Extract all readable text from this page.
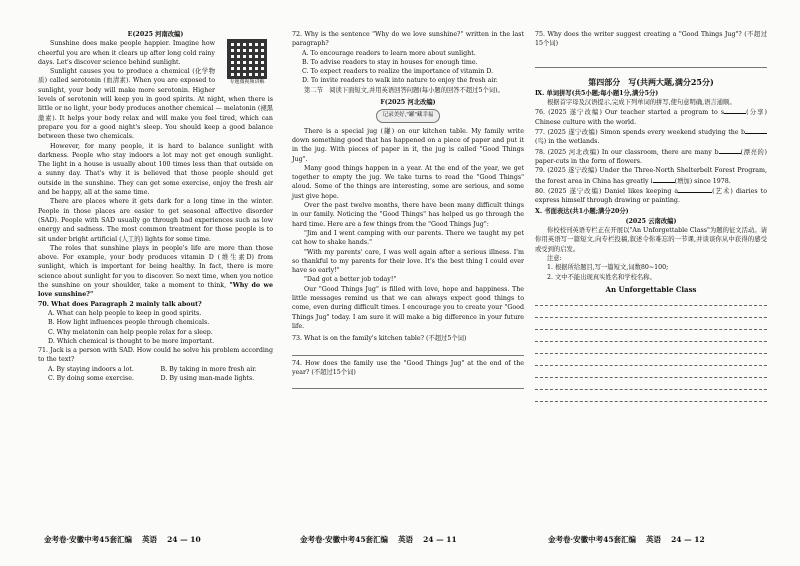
E(2025 河南改编)

专题微视频讲解

Sunshine does make people happier. Imagine how cheerful you are when it clears up after long cold rainy days. Let's discover science behind sunlight.

Sunlight causes you to produce a chemical (化学物质) called serotonin (血清素). When you are exposed to sunlight, your body will make more serotonin. Higher levels of serotonin will keep you in good spirits. At night, when there is little or no light, your body produces another chemical — melatonin (褪黑激素). It helps your body relax and will make you feel tired, which can prepare you for a good night's sleep. You should keep a good balance between these two chemicals.

However, for many people, it is hard to balance sunlight with darkness. People who stay indoors a lot may not get enough sunlight. The light in a house is usually about 100 times less than that outside on a sunny day. That's why it is believed that those people should get outside in the sunshine. They can get some exercise, enjoy the fresh air and be happy, all at the same time.

There are places where it gets dark for a long time in the winter. People in those places are easier to get seasonal affective disorder (SAD). People with SAD usually go through bad experiences such as low energy and sadness. The most common treatment for those people is to sit under bright artificial (人工的) lights for some time.

The roles that sunshine plays in people's life are more than those above. For example, your body produces vitamin D (维生素D) from sunlight, which is important for being healthy. In fact, there is more science about sunlight for you to discover. So next time, when you notice the sunshine on your shoulder, take a moment to think, "Why do we love sunshine?"

70. What does Paragraph 2 mainly talk about?

A. What can help people to keep in good spirits.

B. How light influences people through chemicals.

C. Why melatonin can help people relax for a sleep.

D. Which chemical is thought to be more important.

71. Jack is a person with SAD. How could he solve his problem according to the text?

A. By staying indoors a lot.	B. By taking in more fresh air.
C. By doing some exercise.	D. By using man-made lights.

72. Why is the sentence "Why do we love sunshine?" written in the last paragraph?

A. To encourage readers to learn more about sunlight.

B. To advise readers to stay in houses for enough time.

C. To expect readers to realize the importance of vitamin D.

D. To invite readers to walk into nature to enjoy the fresh air.

第二节　阅读下面短文,并用英语回答问题(每小题的回答不超过5个词)。

F(2025 河北改编)

记录美好,"罐"藏幸福

There is a special jug (罐) on our kitchen table. My family write down something good that has happened on a piece of paper and put it in the jug. With pieces of paper in it, the jug is called "Good Things Jug".

Many good things happen in a year. At the end of the year, we get together to empty the jug. We take turns to read the "Good Things" aloud. Some of the things are interesting, some are serious, and some just give hope.

Over the past twelve months, there have been many difficult things in our family. Noticing the "Good Things" has helped us go through the hard time. Here are a few things from the "Good Things Jug":

"Jim and I went camping with our parents. There we taught my pet cat how to shake hands."

"With my parents' care, I was well again after a serious illness. I'm so thankful to my parents for their love. It's the best thing I could ever have so early!"

"Dad got a better job today!"

Our "Good Things Jug" is filled with love, hope and happiness. The little messages remind us that we can always expect good things to come, even during difficult times. I encourage you to create your "Good Things Jug" today. I am sure it will make a big difference in your future life.

73. What is on the family's kitchen table? (不超过5个词)

74. How does the family use the "Good Things Jug" at the end of the year? (不超过15个词)

75. Why does the writer suggest creating a "Good Things Jug"? (不超过15个词)

第四部分　写(共两大题,满分25分)

Ⅸ. 单词拼写(共5小题;每小题1分,满分5分)

根据首字母及汉语提示,完成下列单词的拼写,使句意明确,语言通顺。

76. (2025 遂宁改编) Our teacher started a program to s	(分享) Chinese culture with the world.

77. (2025 遂宁改编) Simon spends every weekend studying the b(鸟) in the wetlands.

78. (2025 河北改编) In our classroom, there are many b	(漂亮的) paper-cuts in the form of flowers.

79. (2025 遂宁改编) Under the Three-North Shelterbelt Forest Program, the forest area in China has greatly i	(增加) since 1978.

80. (2025 遂宁改编) Daniel likes keeping a	(艺术) diaries to express himself through drawing or painting.

Ⅹ. 书面表达(共1小题;满分20分)

(2025 云南改编)

你校校刊英语专栏正在开展以"An Unforgettable Class"为题的征文活动。请你用英语写一篇短文,向专栏投稿,叙述令你难忘的一节课,并谈谈你从中获得的感受或受到的启发。

注意:

1. 根据所给题目,写一篇短文,词数80~100;

2. 文中不能出现真实姓名和学校名称。

An Unforgettable Class

金考卷·安徽中考45套汇编 英语 24 — 10	金考卷·安徽中考45套汇编 英语 24 — 11	金考卷·安徽中考45套汇编 英语 24 — 12
